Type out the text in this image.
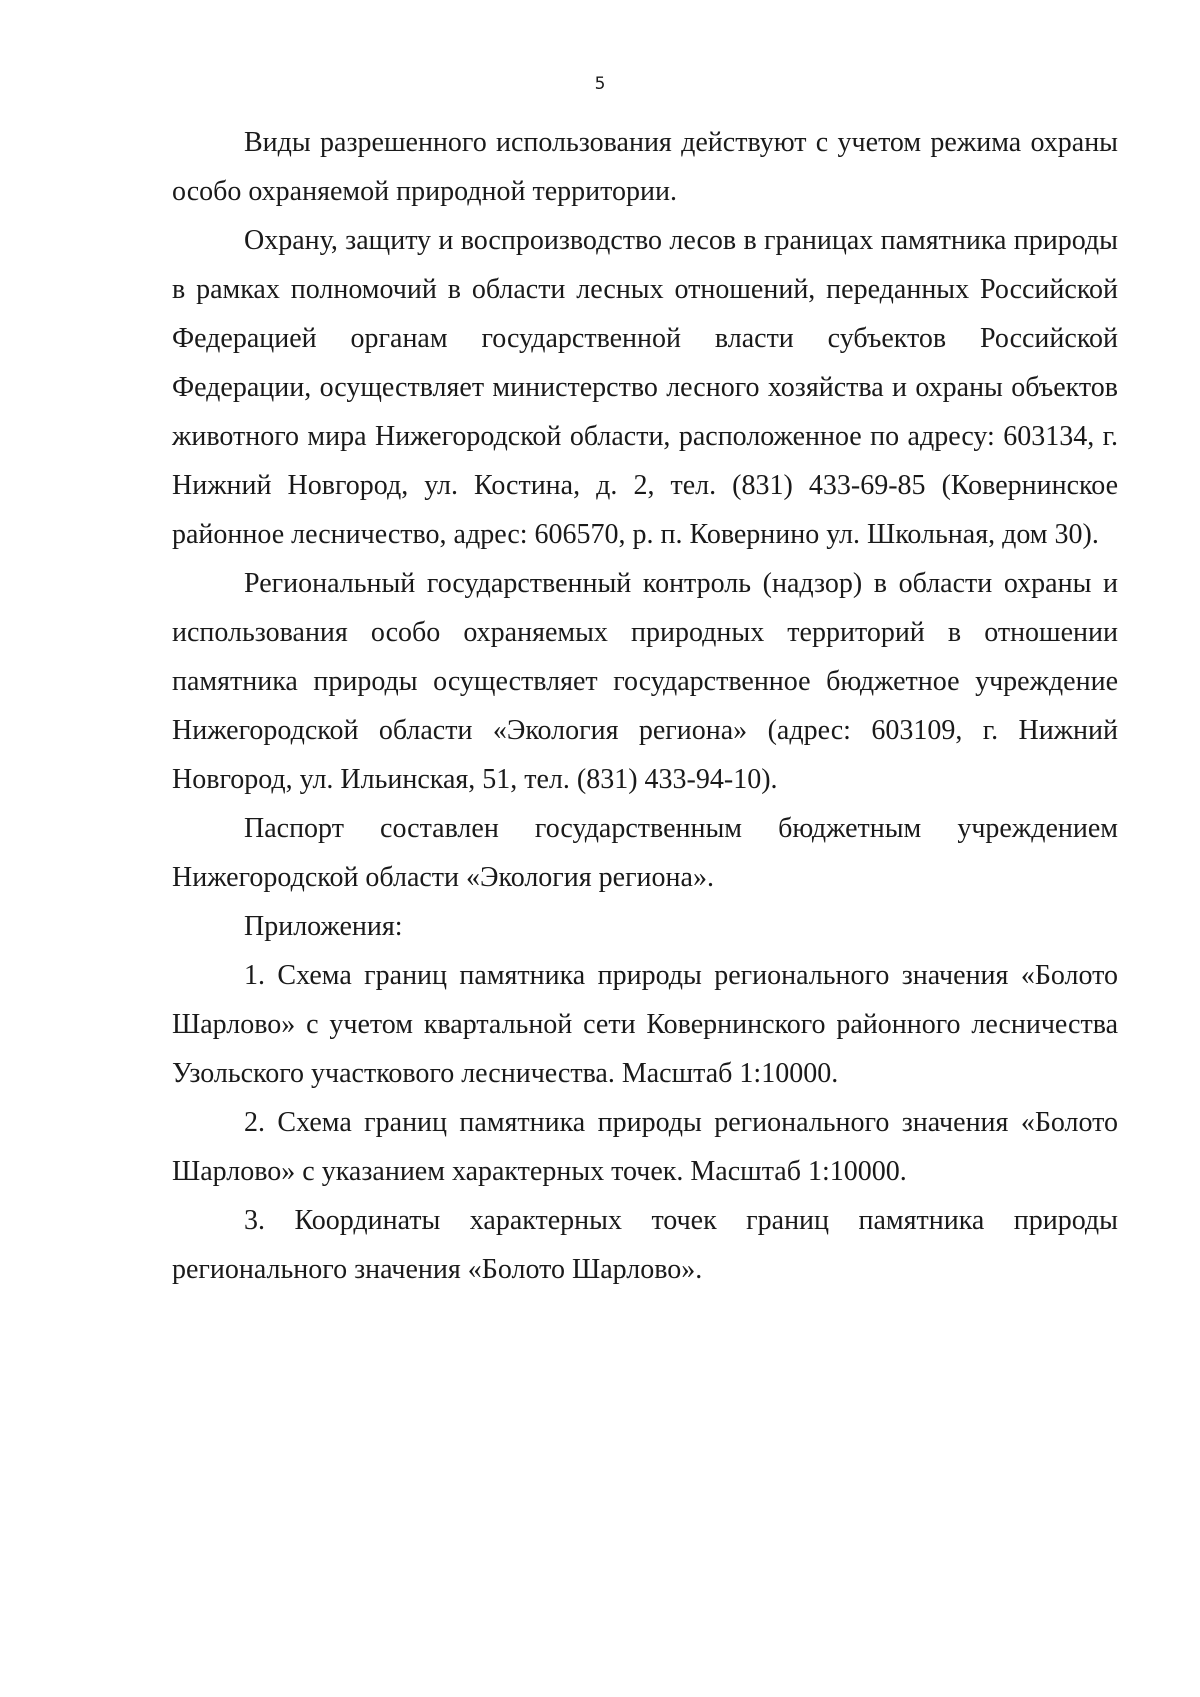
5

Виды разрешенного использования действуют с учетом режима охраны особо охраняемой природной территории.

Охрану, защиту и воспроизводство лесов в границах памятника природы в рамках полномочий в области лесных отношений, переданных Российской Федерацией органам государственной власти субъектов Российской Федерации, осуществляет министерство лесного хозяйства и охраны объектов животного мира Нижегородской области, расположенное по адресу: 603134, г. Нижний Новгород, ул. Костина, д. 2, тел. (831) 433-69-85 (Ковернинское районное лесничество, адрес: 606570, р. п. Ковернино ул. Школьная, дом 30).

Региональный государственный контроль (надзор) в области охраны и использования особо охраняемых природных территорий в отношении памятника природы осуществляет государственное бюджетное учреждение Нижегородской области «Экология региона» (адрес: 603109, г. Нижний Новгород, ул. Ильинская, 51, тел. (831) 433-94-10).

Паспорт составлен государственным бюджетным учреждением Нижегородской области «Экология региона».

Приложения:

1. Схема границ памятника природы регионального значения «Болото Шарлово» с учетом квартальной сети Ковернинского районного лесничества Узольского участкового лесничества. Масштаб 1:10000.

2. Схема границ памятника природы регионального значения «Болото Шарлово» с указанием характерных точек. Масштаб 1:10000.

3. Координаты характерных точек границ памятника природы регионального значения «Болото Шарлово».
